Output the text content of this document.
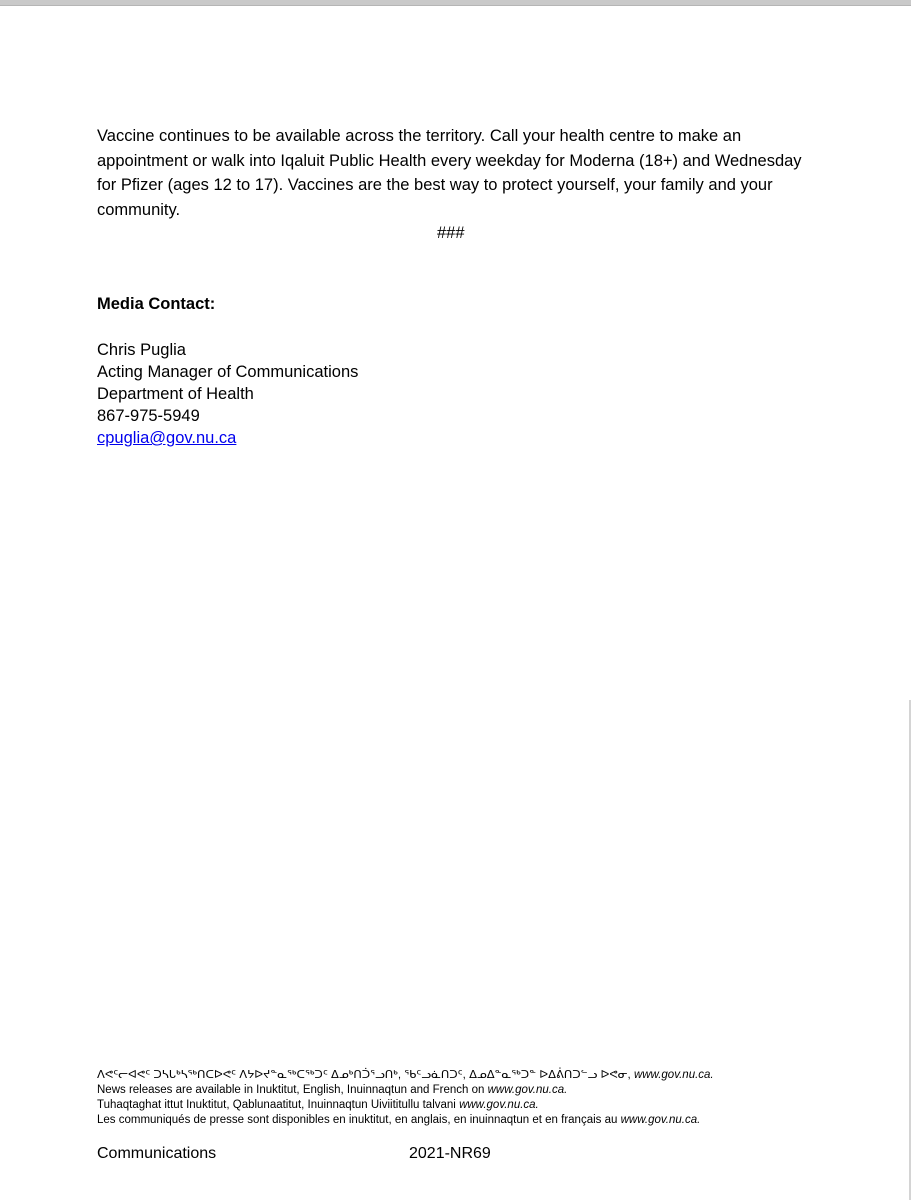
Vaccine continues to be available across the territory. Call your health centre to make an appointment or walk into Iqaluit Public Health every weekday for Moderna (18+) and Wednesday for Pfizer (ages 12 to 17). Vaccines are the best way to protect yourself, your family and your community.

###
Media Contact:
Chris Puglia
Acting Manager of Communications
Department of Health
867-975-5949
cpuglia@gov.nu.ca
ᐱᕙᑦᓕᐊᕙᑦ ᑐᓴᒐᒃᓴᖅᑎᑕᐅᕙᑦ ᐱᔭᐅᔪᓐᓇᖅᑕᖅᑐᑦ ᐃᓄᒃᑎᑑᕐᓗᑎᒃ, ᖃᑦᓗᓈᑎᑐᑦ, ᐃᓄᐃᓐᓇᖅᑐᓐ ᐅᐃᕖᑎᑐᓪᓗ ᐅᕙᓂ, www.gov.nu.ca.
News releases are available in Inuktitut, English, Inuinnaqtun and French on www.gov.nu.ca.
Tuhaqtaghat ittut Inuktitut, Qablunaatitut, Inuinnaqtun Uiviititullu talvani www.gov.nu.ca.
Les communiqués de presse sont disponibles en inuktitut, en anglais, en inuinnaqtun et en français au www.gov.nu.ca.
Communications	2021-NR69
